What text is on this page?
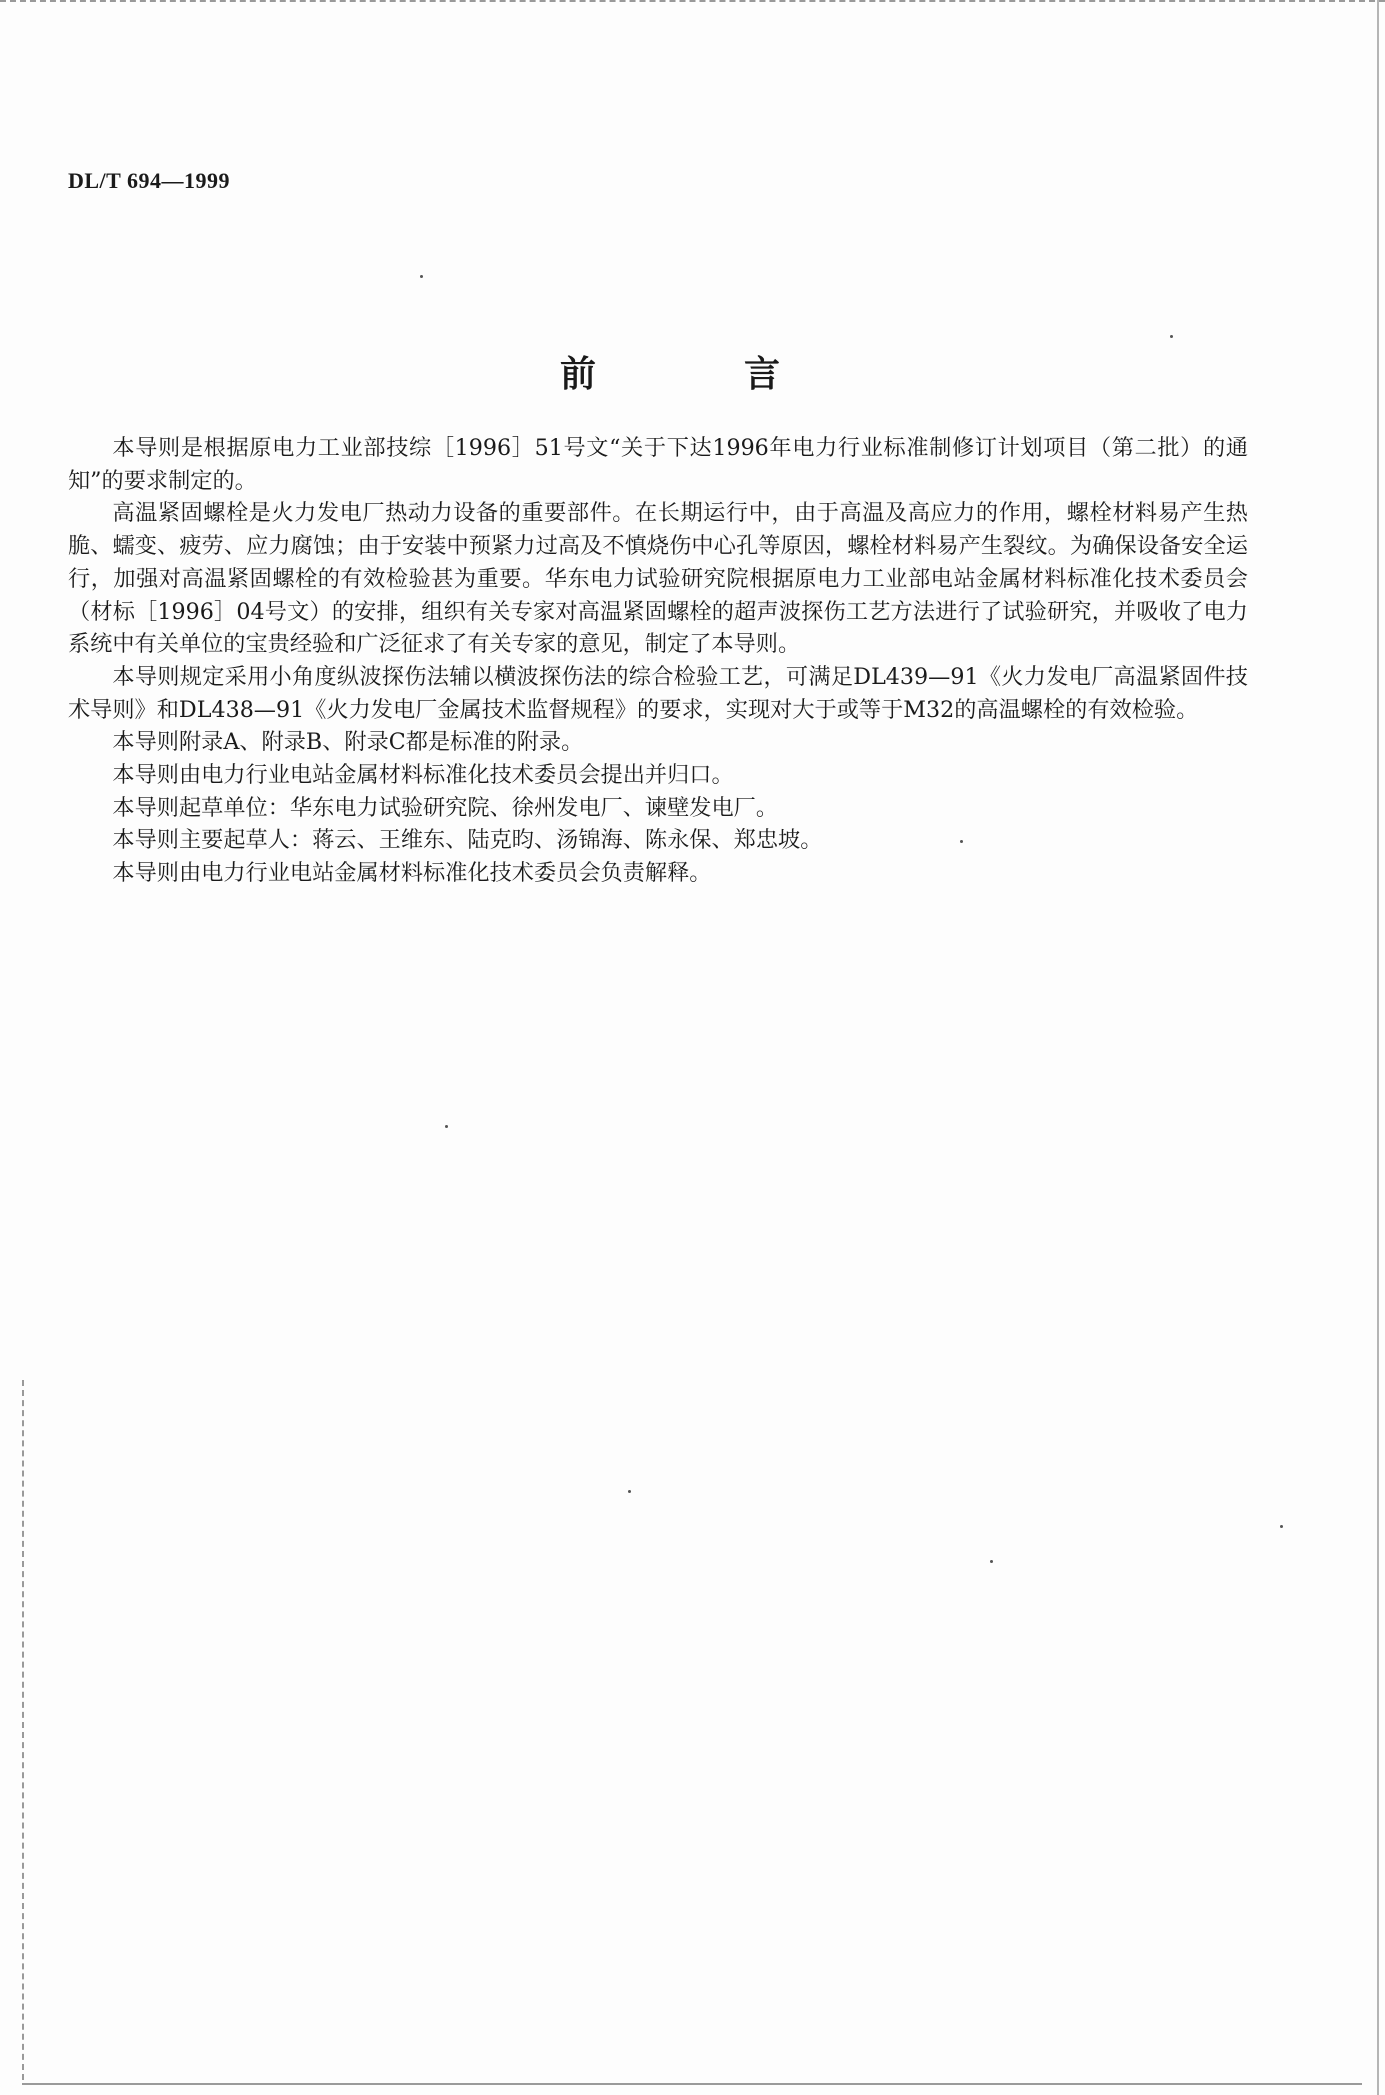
DL/T 694—1999
前	言

本导则是根据原电力工业部技综［1996］51号文“关于下达1996年电力行业标准制修订计划项目（第二批）的通知”的要求制定的。

高温紧固螺栓是火力发电厂热动力设备的重要部件。在长期运行中，由于高温及高应力的作用，螺栓材料易产生热脆、蠕变、疲劳、应力腐蚀；由于安装中预紧力过高及不慎烧伤中心孔等原因，螺栓材料易产生裂纹。为确保设备安全运行，加强对高温紧固螺栓的有效检验甚为重要。华东电力试验研究院根据原电力工业部电站金属材料标准化技术委员会（材标［1996］04号文）的安排，组织有关专家对高温紧固螺栓的超声波探伤工艺方法进行了试验研究，并吸收了电力系统中有关单位的宝贵经验和广泛征求了有关专家的意见，制定了本导则。

本导则规定采用小角度纵波探伤法辅以横波探伤法的综合检验工艺，可满足DL439—91《火力发电厂高温紧固件技术导则》和DL438—91《火力发电厂金属技术监督规程》的要求，实现对大于或等于M32的高温螺栓的有效检验。

本导则附录A、附录B、附录C都是标准的附录。

本导则由电力行业电站金属材料标准化技术委员会提出并归口。

本导则起草单位：华东电力试验研究院、徐州发电厂、谏壁发电厂。

本导则主要起草人：蒋云、王维东、陆克昀、汤锦海、陈永保、郑忠坡。

本导则由电力行业电站金属材料标准化技术委员会负责解释。
